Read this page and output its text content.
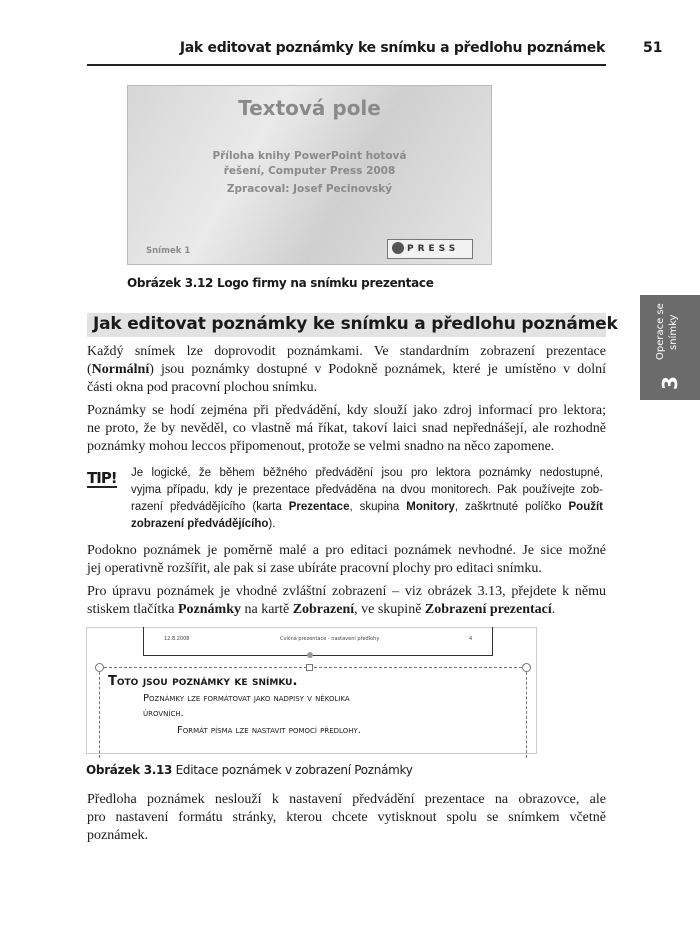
Jak editovat poznámky ke snímku a předlohu poznámek	51
Textová pole
Příloha knihy PowerPoint hotová
řešení, Computer Press 2008
Zpracoval: Josef Pecinovský
Snímek 1	PRESS
Obrázek 3.12 Logo firmy na snímku prezentace
Jak editovat poznámky ke snímku a předlohu poznámek	Operace se snímky
3
Každý snímek lze doprovodit poznámkami. Ve standardním zobrazení prezentace
(Normální) jsou poznámky dostupné v Podokně poznámek, které je umístěno v dolní
části okna pod pracovní plochou snímku.
Poznámky se hodí zejména při předvádění, kdy slouží jako zdroj informací pro lektora;
ne proto, že by nevěděl, co vlastně má říkat, takoví laici snad nepřednášejí, ale rozhodně
poznámky mohou leccos připomenout, protože se velmi snadno na něco zapomene.
TIP! Je logické, že během běžného předvádění jsou pro lektora poznámky nedostupné,
vyjma případu, kdy je prezentace předváděna na dvou monitorech. Pak používejte zob-
razení předvádějícího (karta Prezentace, skupina Monitory, zaškrtnuté políčko Použít
zobrazení předvádějícího).
Podokno poznámek je poměrně malé a pro editaci poznámek nevhodné. Je sice možné
jej operativně rozšířit, ale pak si zase ubíráte pracovní plochy pro editaci snímku.
Pro úpravu poznámek je vhodné zvláštní zobrazení – viz obrázek 3.13, přejdete k němu
stiskem tlačítka Poznámky na kartě Zobrazení, ve skupině Zobrazení prezentací.
12.8.2008	Cvičná prezentace - nastavení předlohy	4
Toto jsou poznámky ke snímku.
Poznámky lze formátovat jako nadpisy v několika
úrovních.
Formát písma lze nastavit pomocí předlohy.
Obrázek 3.13 Editace poznámek v zobrazení Poznámky
Předloha poznámek neslouží k nastavení předvádění prezentace na obrazovce, ale
pro nastavení formátu stránky, kterou chcete vytisknout spolu se snímkem včetně
poznámek.
